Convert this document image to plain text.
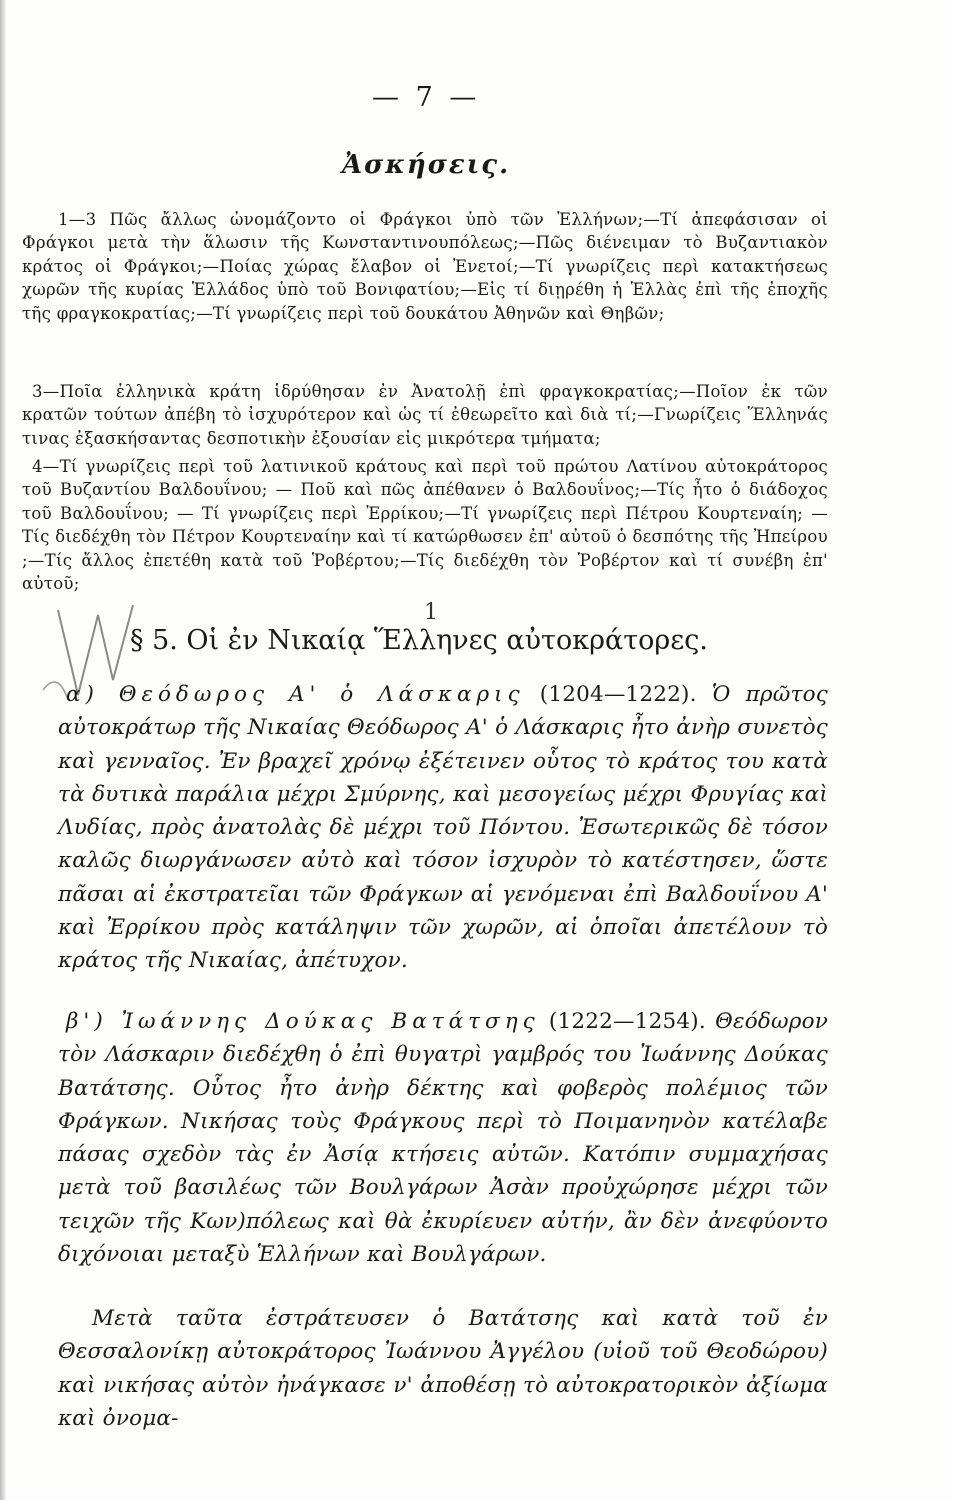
— 7 —
Ἀσκήσεις.
1—3 Πῶς ἄλλως ὠνομάζοντο οἱ Φράγκοι ὑπὸ τῶν Ἑλλήνων;—Τί ἀπεφάσισαν οἱ Φράγκοι μετὰ τὴν ἅλωσιν τῆς Κωνσταντινουπόλεως;—Πῶς διένειμαν τὸ Βυζαντιακὸν κράτος οἱ Φράγκοι;—Ποίας χώρας ἔλαβον οἱ Ἐνετοί;—Τί γνωρίζεις περὶ κατακτήσεως χωρῶν τῆς κυρίας Ἑλλάδος ὑπὸ τοῦ Βονιφατίου;—Εἰς τί διῃρέθη ἡ Ἑλλὰς ἐπὶ τῆς ἐποχῆς τῆς φραγκοκρατίας;—Τί γνωρίζεις περὶ τοῦ δουκάτου Ἀθηνῶν καὶ Θηβῶν;
3—Ποῖα ἑλληνικὰ κράτη ἱδρύθησαν ἐν Ἀνατολῇ ἐπὶ φραγκοκρατίας;—Ποῖον ἐκ τῶν κρατῶν τούτων ἀπέβη τὸ ἰσχυρότερον καὶ ὡς τί ἐθεωρεῖτο καὶ διὰ τί;—Γνωρίζεις Ἕλληνάς τινας ἐξασκήσαντας δεσποτικὴν ἐξουσίαν εἰς μικρότερα τμήματα;
4—Τί γνωρίζεις περὶ τοῦ λατινικοῦ κράτους καὶ περὶ τοῦ πρώτου Λατίνου αὐτοκράτορος τοῦ Βυζαντίου Βαλδουΐνου; — Ποῦ καὶ πῶς ἀπέθανεν ὁ Βαλδουΐνος;—Τίς ἦτο ὁ διάδοχος τοῦ Βαλδουΐνου; — Τί γνωρίζεις περὶ Ἐρρίκου;—Τί γνωρίζεις περὶ Πέτρου Κουρτεναίη; — Τίς διεδέχθη τὸν Πέτρον Κουρτεναίην καὶ τί κατώρθωσεν ἐπ' αὐτοῦ ὁ δεσπότης τῆς Ἠπείρου ;—Τίς ἄλλος ἐπετέθη κατὰ τοῦ Ῥοβέρτου;—Τίς διεδέχθη τὸν Ῥοβέρτον καὶ τί συνέβη ἐπ' αὐτοῦ;
1
§ 5. Οἱ ἐν Νικαίᾳ Ἕλληνες αὐτοκράτορες.
α) Θεόδωρος Α' ὁ Λάσκαρις (1204—1222). Ὁ πρῶτος αὐτοκράτωρ τῆς Νικαίας Θεόδωρος Α' ὁ Λάσκαρις ἦτο ἀνὴρ συνετὸς καὶ γενναῖος. Ἐν βραχεῖ χρόνῳ ἐξέτεινεν οὗτος τὸ κράτος του κατὰ τὰ δυτικὰ παράλια μέχρι Σμύρνης, καὶ μεσογείως μέχρι Φρυγίας καὶ Λυδίας, πρὸς ἀνατολὰς δὲ μέχρι τοῦ Πόντου. Ἐσωτερικῶς δὲ τόσον καλῶς διωργάνωσεν αὐτὸ καὶ τόσον ἰσχυρὸν τὸ κατέστησεν, ὥστε πᾶσαι αἱ ἐκστρατεῖαι τῶν Φράγκων αἱ γενόμεναι ἐπὶ Βαλδουΐνου Α' καὶ Ἐρρίκου πρὸς κατάληψιν τῶν χωρῶν, αἱ ὁποῖαι ἀπετέλουν τὸ κράτος τῆς Νικαίας, ἀπέτυχον.
β') Ἰωάννης Δούκας Βατάτσης (1222—1254). Θεόδωρον τὸν Λάσκαριν διεδέχθη ὁ ἐπὶ θυγατρὶ γαμβρός του Ἰωάννης Δούκας Βατάτσης. Οὗτος ἦτο ἀνὴρ δέκτης καὶ φοβερὸς πολέμιος τῶν Φράγκων. Νικήσας τοὺς Φράγκους περὶ τὸ Ποιμανηνὸν κατέλαβε πάσας σχεδὸν τὰς ἐν Ἀσίᾳ κτήσεις αὐτῶν. Κατόπιν συμμαχήσας μετὰ τοῦ βασιλέως τῶν Βουλγάρων Ἀσὰν προὐχώρησε μέχρι τῶν τειχῶν τῆς Κων)πόλεως καὶ θὰ ἐκυρίευεν αὐτήν, ἂν δὲν ἀνεφύοντο διχόνοιαι μεταξὺ Ἑλλήνων καὶ Βουλγάρων.
Μετὰ ταῦτα ἐστράτευσεν ὁ Βατάτσης καὶ κατὰ τοῦ ἐν Θεσσαλονίκῃ αὐτοκράτορος Ἰωάννου Ἀγγέλου (υἱοῦ τοῦ Θεοδώρου) καὶ νικήσας αὐτὸν ἠνάγκασε ν' ἀποθέσῃ τὸ αὐτοκρατορικὸν ἀξίωμα καὶ ὀνομα-
